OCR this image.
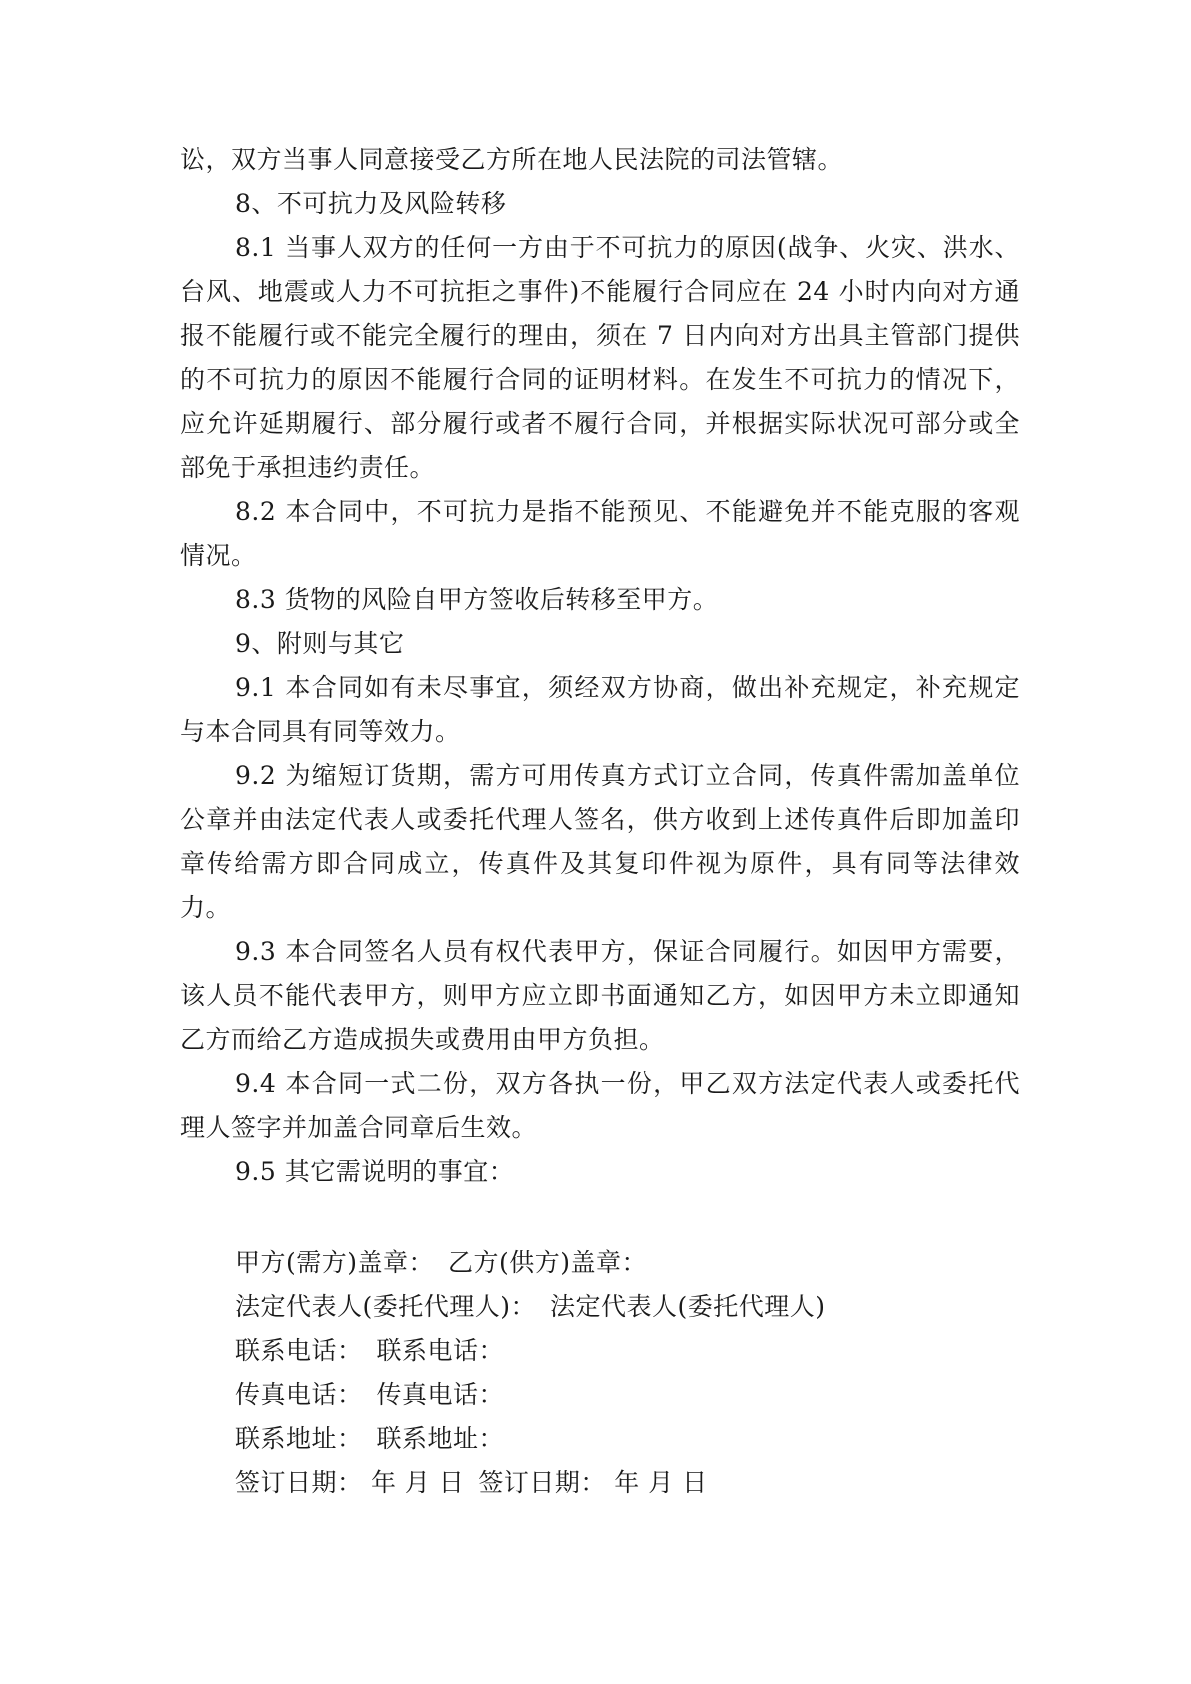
讼，双方当事人同意接受乙方所在地人民法院的司法管辖。

8、不可抗力及风险转移

8.1 当事人双方的任何一方由于不可抗力的原因(战争、火灾、洪水、台风、地震或人力不可抗拒之事件)不能履行合同应在 24 小时内向对方通报不能履行或不能完全履行的理由，须在 7 日内向对方出具主管部门提供的不可抗力的原因不能履行合同的证明材料。在发生不可抗力的情况下，应允许延期履行、部分履行或者不履行合同，并根据实际状况可部分或全部免于承担违约责任。

8.2 本合同中，不可抗力是指不能预见、不能避免并不能克服的客观情况。

8.3 货物的风险自甲方签收后转移至甲方。

9、附则与其它

9.1 本合同如有未尽事宜，须经双方协商，做出补充规定，补充规定与本合同具有同等效力。

9.2 为缩短订货期，需方可用传真方式订立合同，传真件需加盖单位公章并由法定代表人或委托代理人签名，供方收到上述传真件后即加盖印章传给需方即合同成立，传真件及其复印件视为原件，具有同等法律效力。

9.3 本合同签名人员有权代表甲方，保证合同履行。如因甲方需要，该人员不能代表甲方，则甲方应立即书面通知乙方，如因甲方未立即通知乙方而给乙方造成损失或费用由甲方负担。

9.4 本合同一式二份，双方各执一份，甲乙双方法定代表人或委托代理人签字并加盖合同章后生效。

9.5 其它需说明的事宜：

甲方(需方)盖章： 乙方(供方)盖章：
法定代表人(委托代理人)： 法定代表人(委托代理人)
联系电话： 联系电话：
传真电话： 传真电话：
联系地址： 联系地址：
签订日期： 年 月 日 签订日期： 年 月 日
